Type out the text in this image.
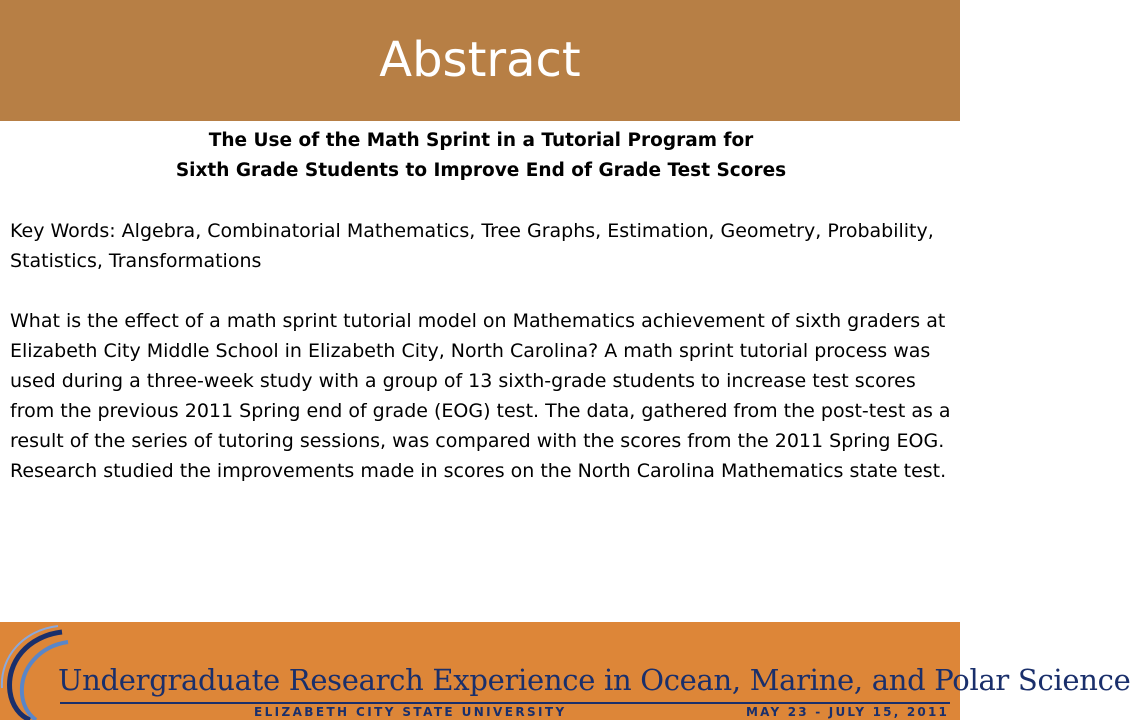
Abstract
The Use of the Math Sprint in a Tutorial Program for
Sixth Grade Students to Improve End of Grade Test Scores

Key Words: Algebra, Combinatorial Mathematics, Tree Graphs, Estimation, Geometry, Probability, Statistics, Transformations

What is the effect of a math sprint tutorial model on Mathematics achievement of sixth graders at Elizabeth City Middle School in Elizabeth City, North Carolina? A math sprint tutorial process was used during a three-week study with a group of 13 sixth-grade students to increase test scores from the previous 2011 Spring end of grade (EOG) test. The data, gathered from the post-test as a result of the series of tutoring sessions, was compared with the scores from the 2011 Spring EOG. Research studied the improvements made in scores on the North Carolina Mathematics state test.

Undergraduate Research Experience in Ocean, Marine, and Polar Science
ELIZABETH CITY STATE UNIVERSITY	MAY 23 - JULY 15, 2011
